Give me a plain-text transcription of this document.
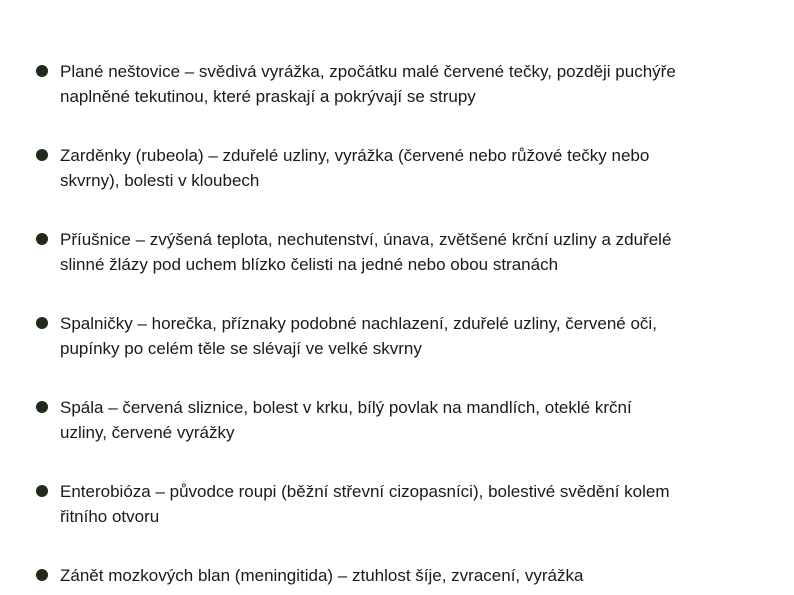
Plané neštovice – svědivá vyrážka, zpočátku malé červené tečky, později puchýře
naplněné tekutinou, které praskají a pokrývají se strupy
Zarděnky (rubeola) – zduřelé uzliny, vyrážka (červené nebo růžové tečky nebo
skvrny), bolesti v kloubech
Příušnice – zvýšená teplota, nechutenství, únava, zvětšené krční uzliny a zduřelé
slinné žlázy pod uchem blízko čelisti na jedné nebo obou stranách
Spalničky – horečka, příznaky podobné nachlazení, zduřelé uzliny, červené oči,
pupínky po celém těle se slévají ve velké skvrny
Spála – červená sliznice, bolest v krku, bílý povlak na mandlích, oteklé krční
uzliny, červené vyrážky
Enterobióza – původce roupi (běžní střevní cizopasníci), bolestivé svědění kolem
řitního otvoru
Zánět mozkových blan (meningitida) – ztuhlost šíje, zvracení, vyrážka
